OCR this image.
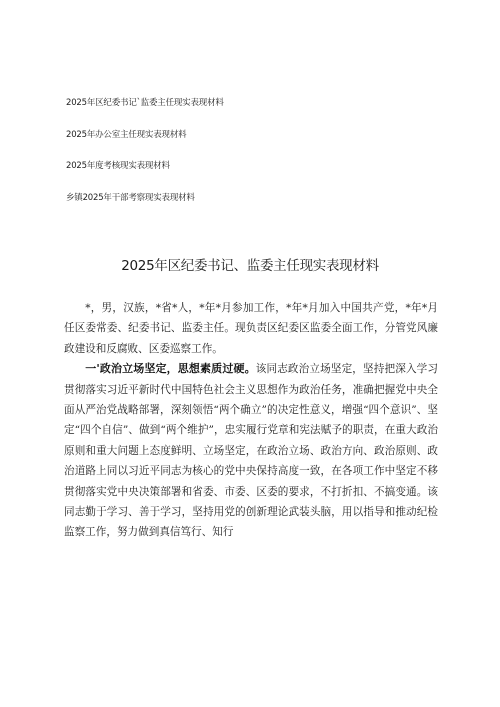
2025年区纪委书记`监委主任现实表现材料
2025年办公室主任现实表现材料
2025年度考核现实表现材料
乡镇2025年干部考察现实表现材料
2025年区纪委书记、监委主任现实表现材料

*，男，汉族，*省*人，*年*月参加工作，*年*月加入中国共产党，*年*月任区委常委、纪委书记、监委主任。现负责区纪委区监委全面工作，分管党风廉政建设和反腐败、区委巡察工作。

一'政治立场坚定，思想素质过硬。该同志政治立场坚定，坚持把深入学习贯彻落实习近平新时代中国特色社会主义思想作为政治任务，准确把握党中央全面从严治党战略部署，深刻领悟“两个确立”的决定性意义，增强“四个意识”、坚定“四个自信”、做到“两个维护”，忠实履行党章和宪法赋予的职责，在重大政治原则和重大问题上态度鲜明、立场坚定，在政治立场、政治方向、政治原则、政治道路上同以习近平同志为核心的党中央保持高度一致，在各项工作中坚定不移贯彻落实党中央决策部署和省委、市委、区委的要求，不打折扣、不搞变通。该同志勤于学习、善于学习，坚持用党的创新理论武装头脑，用以指导和推动纪检监察工作，努力做到真信笃行、知行
